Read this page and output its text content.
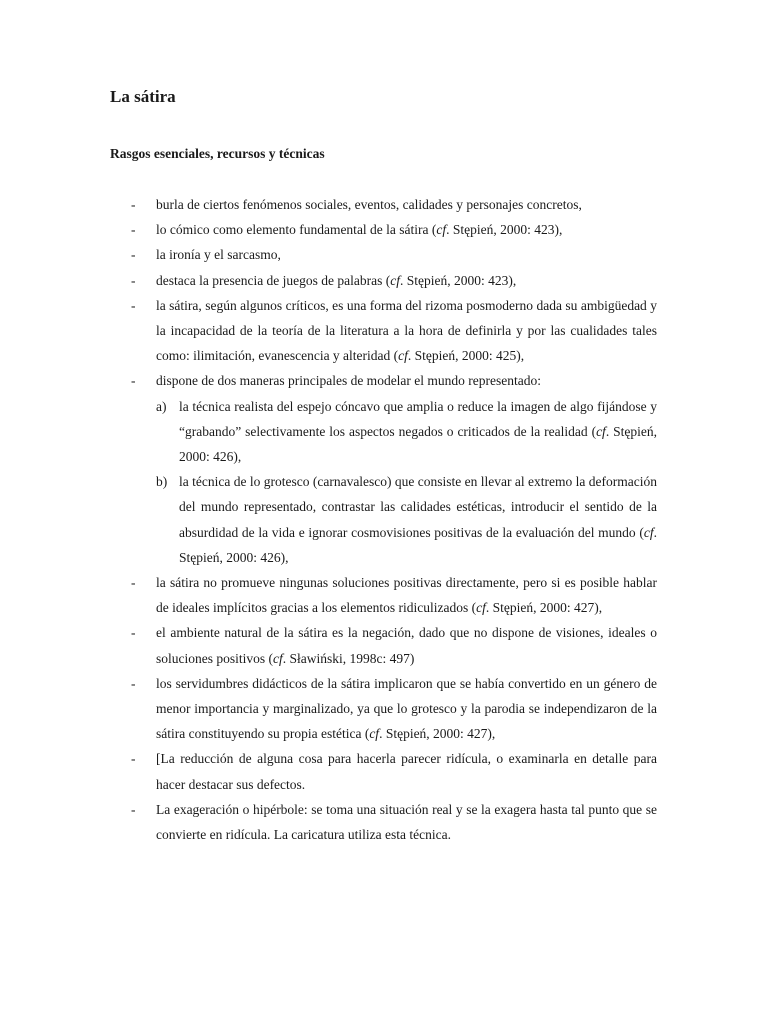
La sátira
Rasgos esenciales, recursos y técnicas
- burla de ciertos fenómenos sociales, eventos, calidades y personajes concretos,
- lo cómico como elemento fundamental de la sátira (cf. Stępień, 2000: 423),
- la ironía y el sarcasmo,
- destaca la presencia de juegos de palabras (cf. Stępień, 2000: 423),
- la sátira, según algunos críticos, es una forma del rizoma posmoderno dada su ambigüedad y la incapacidad de la teoría de la literatura a la hora de definirla y por las cualidades tales como: ilimitación, evanescencia y alteridad (cf. Stępień, 2000: 425),
- dispone de dos maneras principales de modelar el mundo representado:
a) la técnica realista del espejo cóncavo que amplia o reduce la imagen de algo fijándose y “grabando” selectivamente los aspectos negados o criticados de la realidad (cf. Stępień, 2000: 426),
b) la técnica de lo grotesco (carnavalesco) que consiste en llevar al extremo la deformación del mundo representado, contrastar las calidades estéticas, introducir el sentido de la absurdidad de la vida e ignorar cosmovisiones positivas de la evaluación del mundo (cf. Stępień, 2000: 426),
- la sátira no promueve ningunas soluciones positivas directamente, pero si es posible hablar de ideales implícitos gracias a los elementos ridiculizados (cf. Stępień, 2000: 427),
- el ambiente natural de la sátira es la negación, dado que no dispone de visiones, ideales o soluciones positivos (cf. Sławiński, 1998c: 497)
- los servidumbres didácticos de la sátira implicaron que se había convertido en un género de menor importancia y marginalizado, ya que lo grotesco y la parodia se independizaron de la sátira constituyendo su propia estética (cf. Stępień, 2000: 427),
- [La reducción de alguna cosa para hacerla parecer ridícula, o examinarla en detalle para hacer destacar sus defectos.
- La exageración o hipérbole: se toma una situación real y se la exagera hasta tal punto que se convierte en ridícula. La caricatura utiliza esta técnica.
